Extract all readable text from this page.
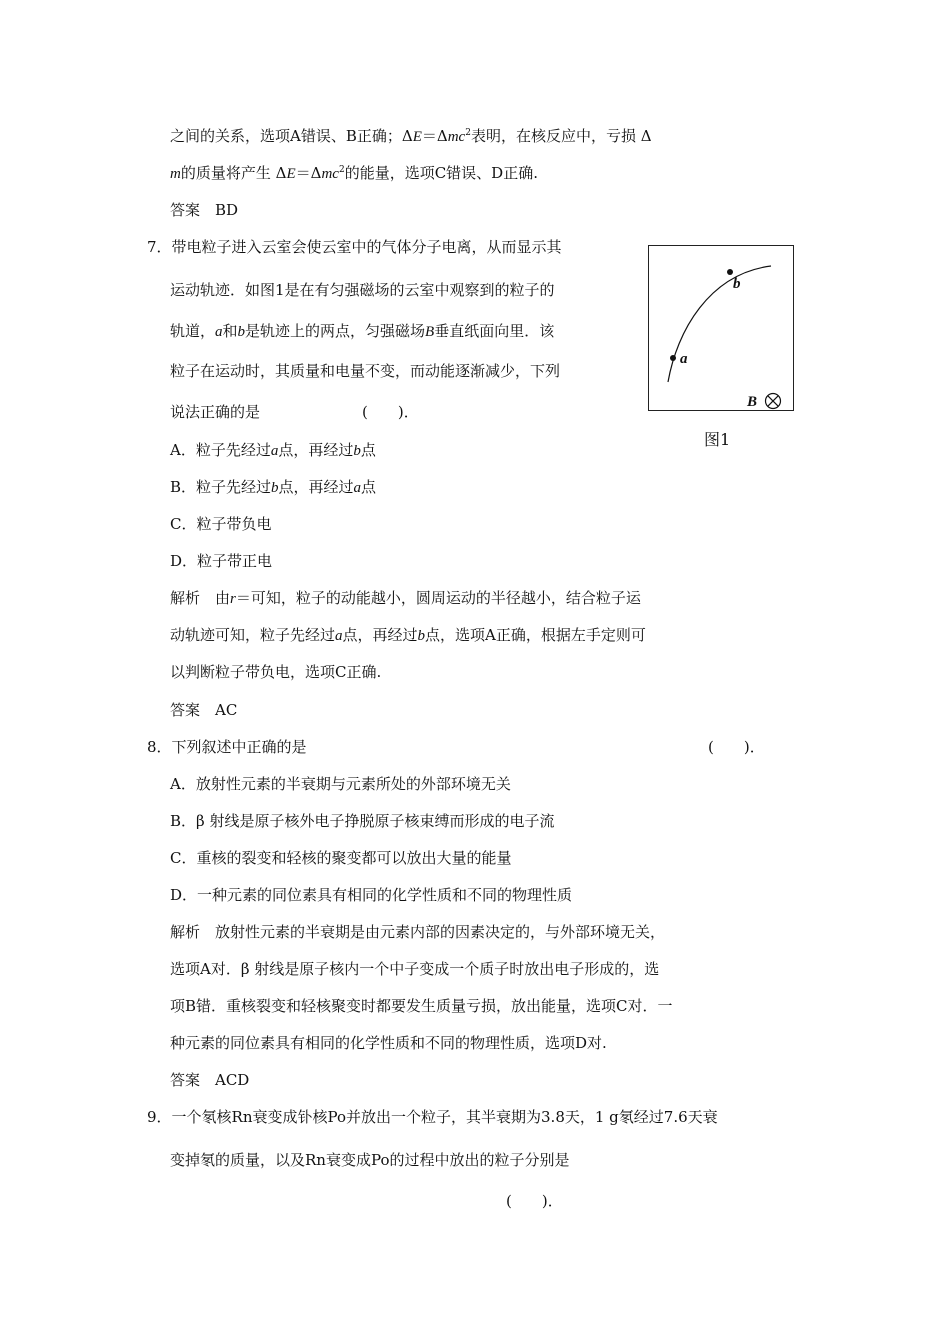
之间的关系，选项A错误、B正确；ΔE＝Δmc$^2$表明，在核反应中，亏损 Δ
m的质量将产生 ΔE＝Δmc$^2$的能量，选项C错误、D正确.
答案　BD
7．带电粒子进入云室会使云室中的气体分子电离，从而显示其
运动轨迹．如图1是在有匀强磁场的云室中观察到的粒子的
轨道，a和b是轨迹上的两点，匀强磁场B垂直纸面向里．该
粒子在运动时，其质量和电量不变，而动能逐渐减少，下列
说法正确的是	(　　)．
A．粒子先经过a点，再经过b点
B．粒子先经过b点，再经过a点
C．粒子带负电
D．粒子带正电
解析　由r＝可知，粒子的动能越小，圆周运动的半径越小，结合粒子运
动轨迹可知，粒子先经过a点，再经过b点，选项A正确，根据左手定则可
以判断粒子带负电，选项C正确.
答案　AC
b
a
B
图1
8．下列叙述中正确的是	(　　)．
A．放射性元素的半衰期与元素所处的外部环境无关
B．β 射线是原子核外电子挣脱原子核束缚而形成的电子流
C．重核的裂变和轻核的聚变都可以放出大量的能量
D．一种元素的同位素具有相同的化学性质和不同的物理性质
解析　放射性元素的半衰期是由元素内部的因素决定的，与外部环境无关，
选项A对．β 射线是原子核内一个中子变成一个质子时放出电子形成的，选
项B错．重核裂变和轻核聚变时都要发生质量亏损，放出能量，选项C对．一
种元素的同位素具有相同的化学性质和不同的物理性质，选项D对.
答案　ACD
9．一个氡核Rn衰变成钋核Po并放出一个粒子，其半衰期为3.8天，1 g氡经过7.6天衰
变掉氡的质量，以及Rn衰变成Po的过程中放出的粒子分别是
(　　)．
